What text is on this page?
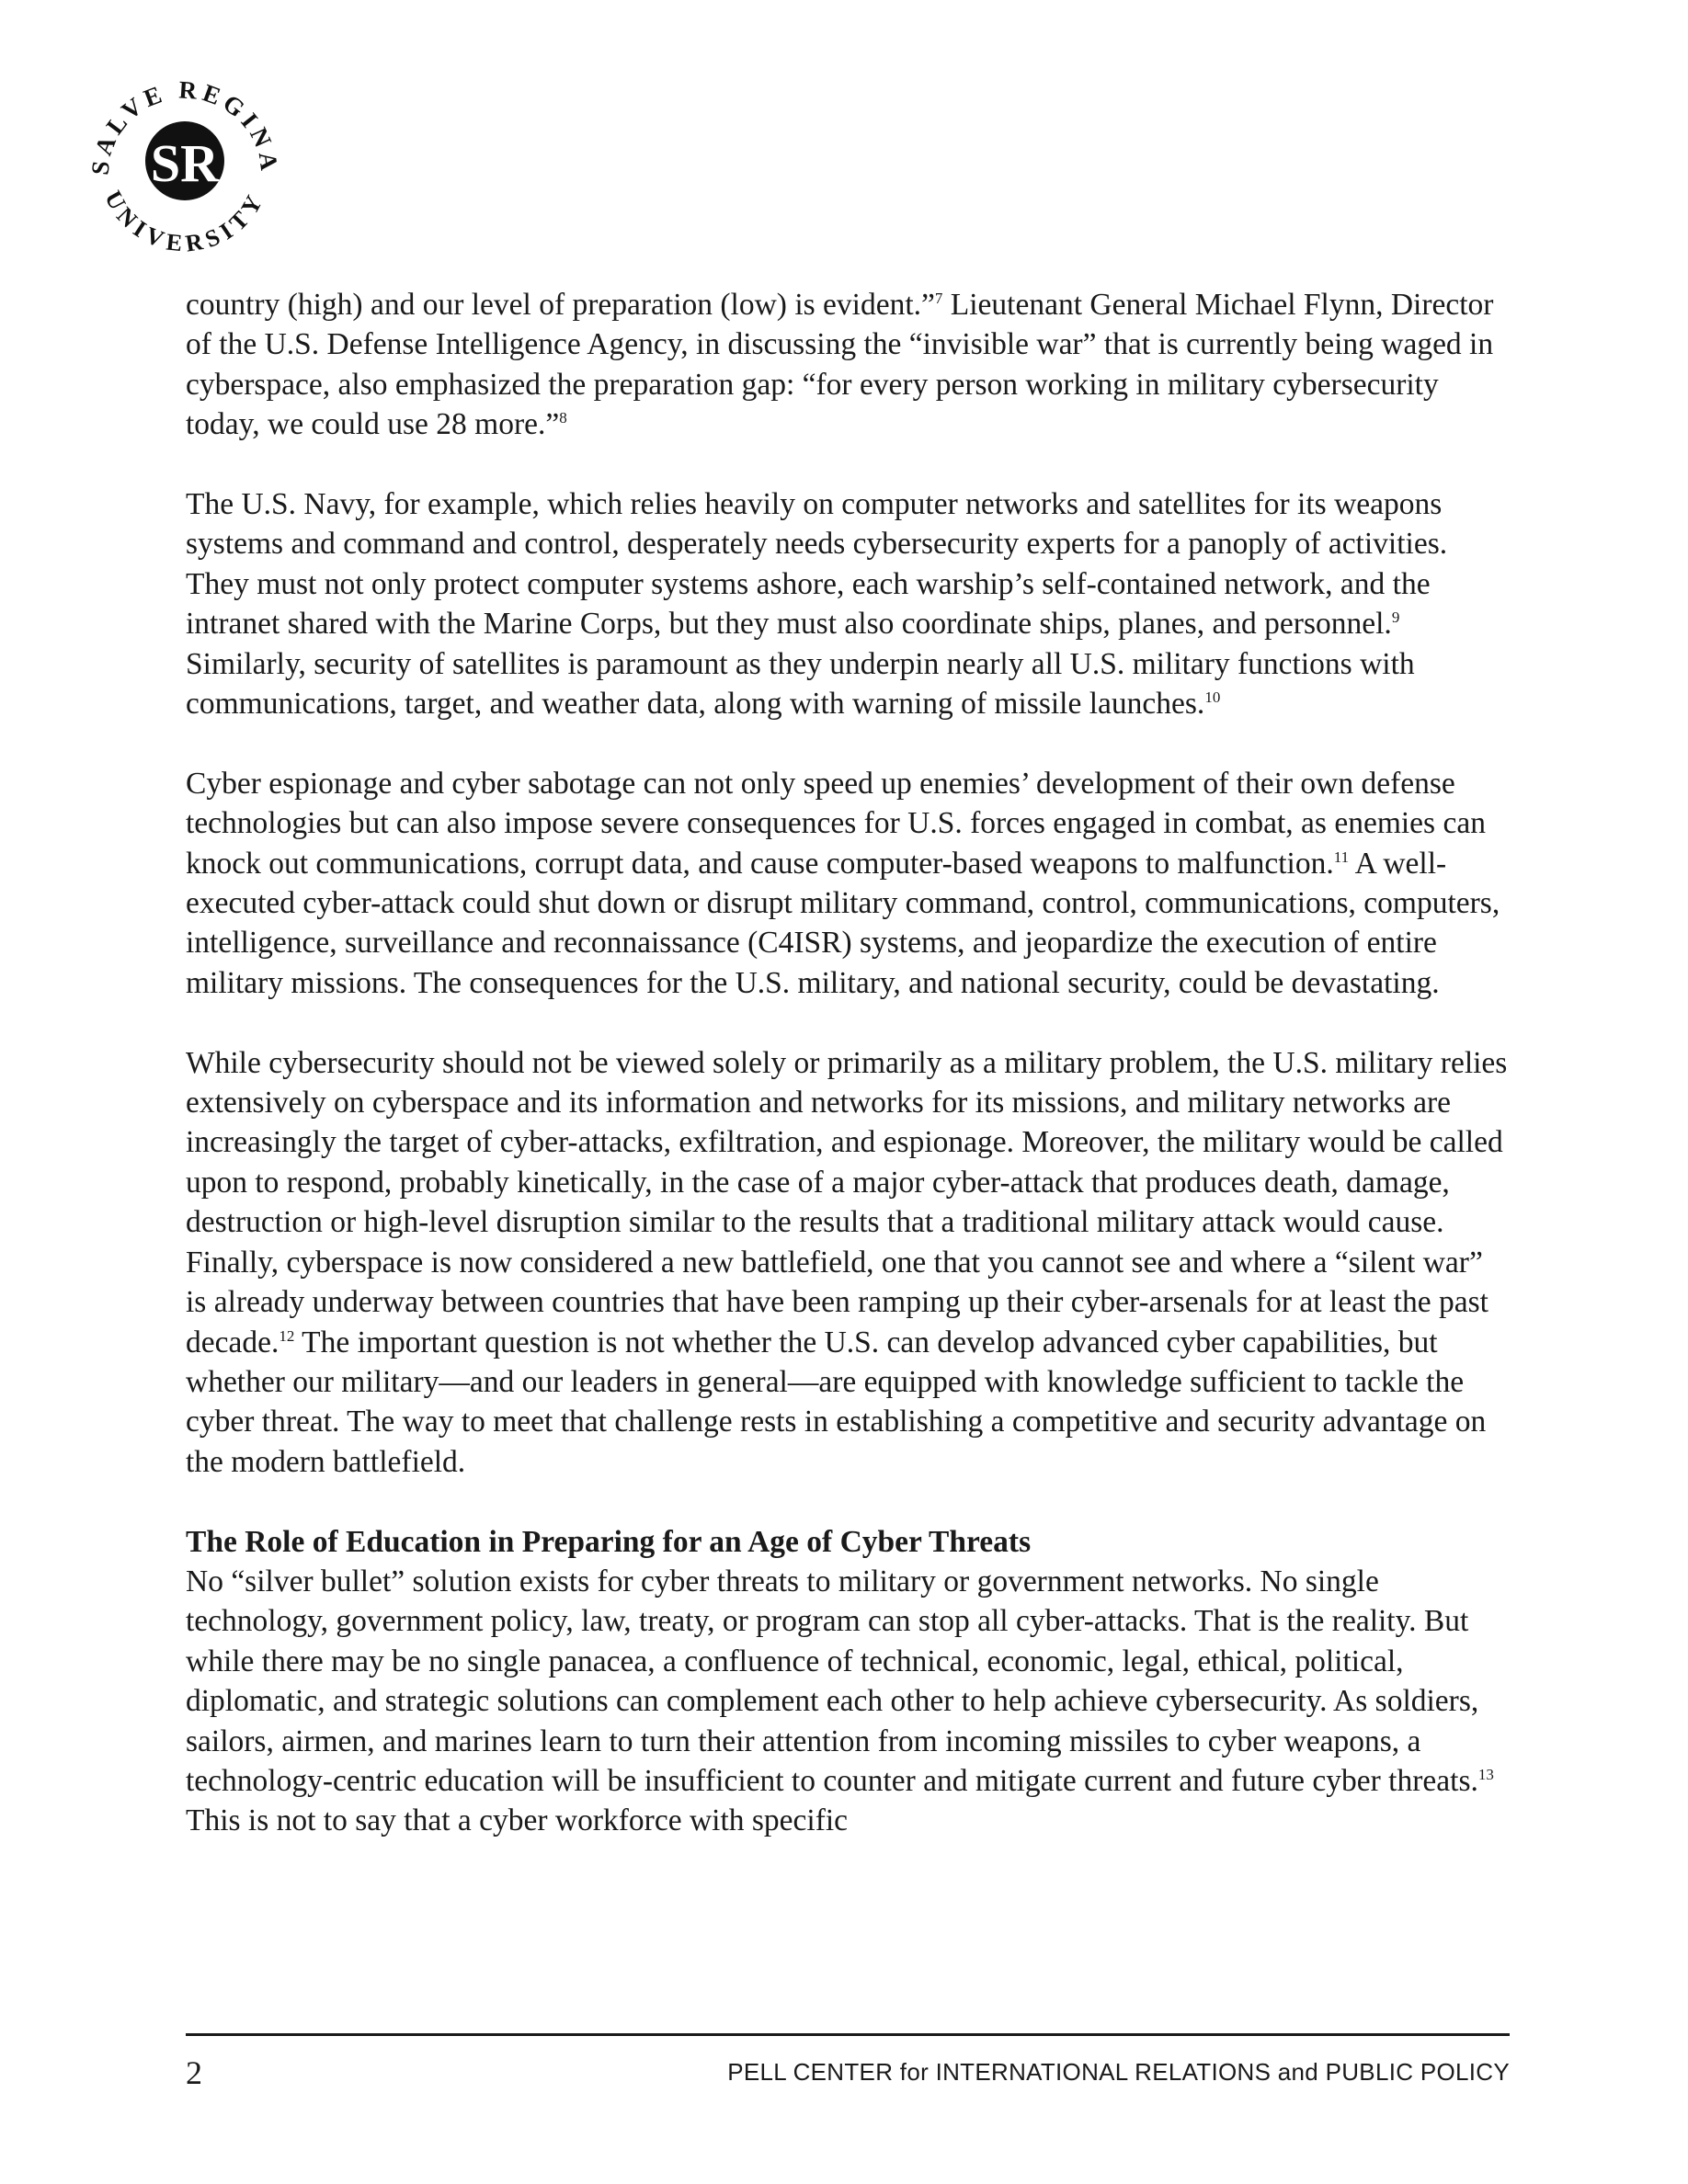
SALVE REGINA
UNIVERSITY
SR

country (high) and our level of preparation (low) is evident.”$^7$ Lieutenant General Michael Flynn, Director of the U.S. Defense Intelligence Agency, in discussing the “invisible war” that is currently being waged in cyberspace, also emphasized the preparation gap: “for every person working in military cybersecurity today, we could use 28 more.”$^8$

The U.S. Navy, for example, which relies heavily on computer networks and satellites for its weapons systems and command and control, desperately needs cybersecurity experts for a panoply of activities. They must not only protect computer systems ashore, each warship’s self-contained network, and the intranet shared with the Marine Corps, but they must also coordinate ships, planes, and personnel.$^9$ Similarly, security of satellites is paramount as they underpin nearly all U.S. military functions with communications, target, and weather data, along with warning of missile launches.$^{10}$

Cyber espionage and cyber sabotage can not only speed up enemies’ development of their own defense technologies but can also impose severe consequences for U.S. forces engaged in combat, as enemies can knock out communications, corrupt data, and cause computer-based weapons to malfunction.$^{11}$ A well-executed cyber-attack could shut down or disrupt military command, control, communications, computers, intelligence, surveillance and reconnaissance (C4ISR) systems, and jeopardize the execution of entire military missions. The consequences for the U.S. military, and national security, could be devastating.

While cybersecurity should not be viewed solely or primarily as a military problem, the U.S. military relies extensively on cyberspace and its information and networks for its missions, and military networks are increasingly the target of cyber-attacks, exfiltration, and espionage. Moreover, the military would be called upon to respond, probably kinetically, in the case of a major cyber-attack that produces death, damage, destruction or high-level disruption similar to the results that a traditional military attack would cause. Finally, cyberspace is now considered a new battlefield, one that you cannot see and where a “silent war” is already underway between countries that have been ramping up their cyber-arsenals for at least the past decade.$^{12}$ The important question is not whether the U.S. can develop advanced cyber capabilities, but whether our military—and our leaders in general—are equipped with knowledge sufficient to tackle the cyber threat. The way to meet that challenge rests in establishing a competitive and security advantage on the modern battlefield.

The Role of Education in Preparing for an Age of Cyber Threats

No “silver bullet” solution exists for cyber threats to military or government networks. No single technology, government policy, law, treaty, or program can stop all cyber-attacks. That is the reality. But while there may be no single panacea, a confluence of technical, economic, legal, ethical, political, diplomatic, and strategic solutions can complement each other to help achieve cybersecurity. As soldiers, sailors, airmen, and marines learn to turn their attention from incoming missiles to cyber weapons, a technology-centric education will be insufficient to counter and mitigate current and future cyber threats.$^{13}$ This is not to say that a cyber workforce with specific

2	PELL CENTER for INTERNATIONAL RELATIONS and PUBLIC POLICY
